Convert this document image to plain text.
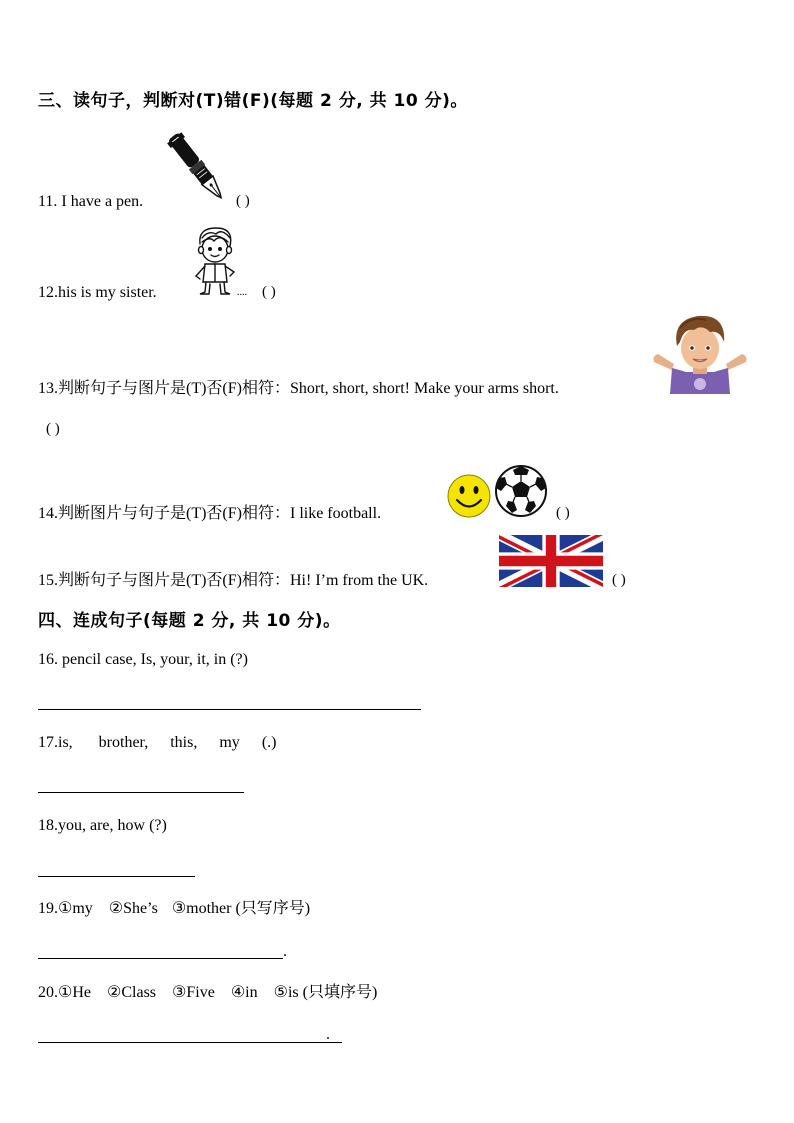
三、读句子，判断对(T)错(F)(每题 2 分, 共 10 分)。
11. I have a pen.	( )
12.his is my sister.	.... ( )
13.判断句子与图片是(T)否(F)相符：Short, short, short! Make your arms short.
( )
14.判断图片与句子是(T)否(F)相符：I like football.	( )
15.判断句子与图片是(T)否(F)相符：Hi! I’m from the UK.	( )
四、连成句子(每题 2 分, 共 10 分)。
16. pencil case, Is, your, it, in (?)
17.is, brother, this, my (.)
18.you, are, how (?)
19.①my ②She’s ③mother (只写序号)
.
20.①He ②Class ③Five ④in ⑤is (只填序号)
.
